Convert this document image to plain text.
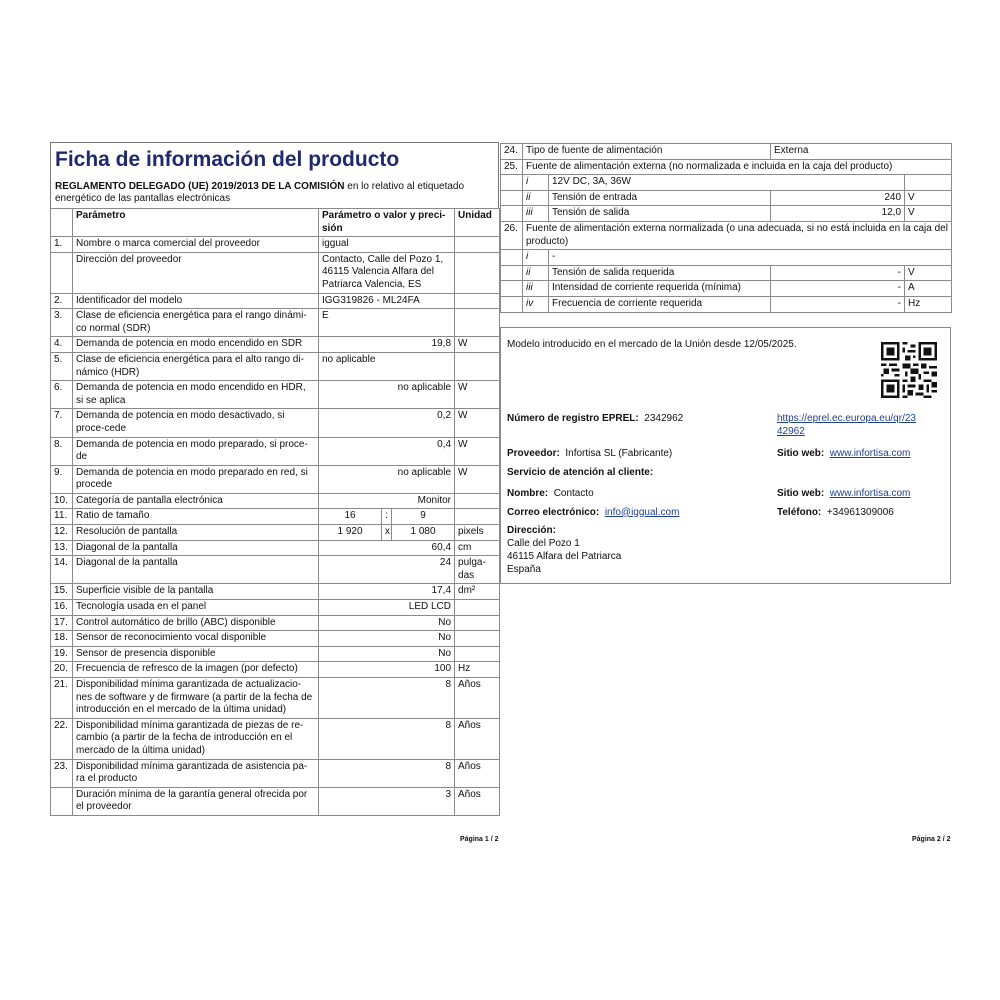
Ficha de información del producto
REGLAMENTO DELEGADO (UE) 2019/2013 DE LA COMISIÓN en lo relativo al etiquetado energético de las pantallas electrónicas
	Parámetro	Parámetro o valor y preci-sión			Unidad
1.	Nombre o marca comercial del proveedor	iggual			
	Dirección del proveedor	Contacto, Calle del Pozo 1, 46115 Valencia Alfara del Patriarca Valencia, ES			
2.	Identificador del modelo	IGG319826 - ML24FA			
3.	Clase de eficiencia energética para el rango dinámi-co normal (SDR)	E			
4.	Demanda de potencia en modo encendido en SDR	19,8			W
5.	Clase de eficiencia energética para el alto rango di-námico (HDR)	no aplicable			
6.	Demanda de potencia en modo encendido en HDR, si se aplica	no aplicable			W
7.	Demanda de potencia en modo desactivado, si proce-cede	0,2			W
8.	Demanda de potencia en modo preparado, si proce-de	0,4			W
9.	Demanda de potencia en modo preparado en red, si procede	no aplicable			W
10.	Categoría de pantalla electrónica	Monitor			
11.	Ratio de tamaño	16	:	9	
12.	Resolución de pantalla	1 920	x	1 080	pixels
13.	Diagonal de la pantalla	60,4			cm
14.	Diagonal de la pantalla	24			pulga-das
15.	Superficie visible de la pantalla	17,4			dm²
16.	Tecnología usada en el panel	LED LCD			
17.	Control automático de brillo (ABC) disponible	No			
18.	Sensor de reconocimiento vocal disponible	No			
19.	Sensor de presencia disponible	No			
20.	Frecuencia de refresco de la imagen (por defecto)	100			Hz
21.	Disponibilidad mínima garantizada de actualizacio-nes de software y de firmware (a partir de la fecha de introducción en el mercado de la última unidad)	8			Años
22.	Disponibilidad mínima garantizada de piezas de re-cambio (a partir de la fecha de introducción en el mercado de la última unidad)	8			Años
23.	Disponibilidad mínima garantizada de asistencia pa-ra el producto	8			Años
	Duración mínima de la garantía general ofrecida por el proveedor	3			Años
Página 1 / 2
24.	Tipo de fuente de alimentación		Externa	
25.	Fuente de alimentación externa (no normalizada e incluida en la caja del producto)			
	i	12V DC, 3A, 36W		
	ii	Tensión de entrada	240	V
	iii	Tensión de salida	12,0	V
26.	Fuente de alimentación externa normalizada (o una adecuada, si no está incluida en la caja del producto)			
	i	-		
	ii	Tensión de salida requerida	-	V
	iii	Intensidad de corriente requerida (mínima)	-	A
	iv	Frecuencia de corriente requerida	-	Hz
Modelo introducido en el mercado de la Unión desde 12/05/2025.
Número de registro EPREL: 2342962	https://eprel.ec.europa.eu/qr/23
42962
Proveedor: Infortisa SL (Fabricante)	Sitio web: www.infortisa.com
Servicio de atención al cliente:
Nombre: Contacto	Sitio web: www.infortisa.com
Correo electrónico: info@iggual.com	Teléfono: +34961309006
Dirección:
Calle del Pozo 1
46115 Alfara del Patriarca
España
Página 2 / 2
